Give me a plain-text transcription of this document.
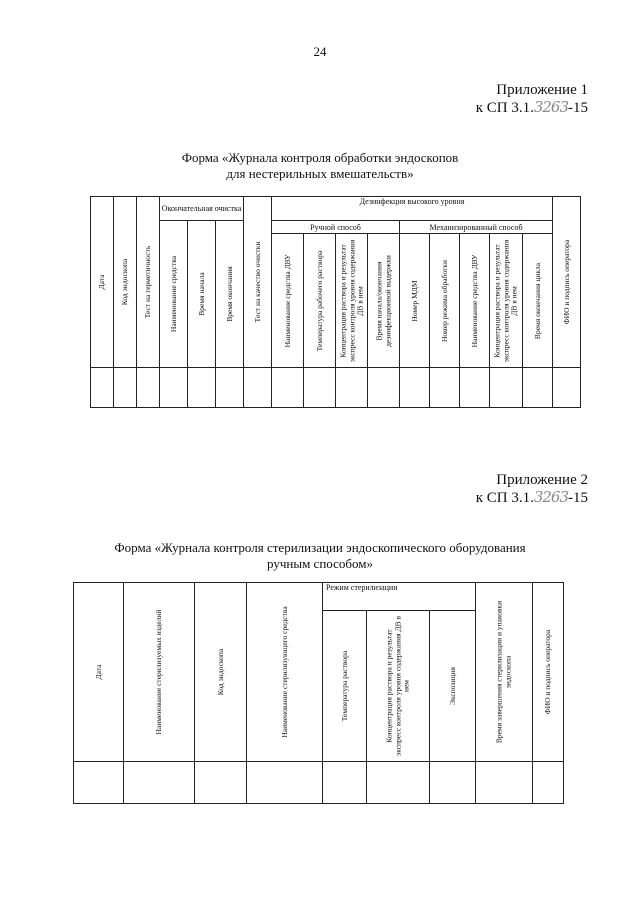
24
Приложение 1
к СП 3.1.3263-15
Форма «Журнала контроля обработки эндоскопов
для нестерильных вмешательств»
Дата	Код эндоскопа	Тест на герметичность	Окончательная очистка			Тест на качество очистки	Дезинфекция высокого уровня									ФИО и подпись оператора

			Наименование средства	Время начала	Время окончания		Ручной способ				Механизированный способ					

							Наименование средства ДВУ	Температура рабочего раствора	Концентрация раствора и результат экспресс контроля уровня содержания ДВ в нем	Время начала/окончания дезинфекционной выдержки	Номер МДМ	Номер режима обработки	Наименование средства ДВУ	Концентрация раствора и результат экспресс контроля уровня содержания ДВ в нем	Время окончания цикла	

Приложение 2
к СП 3.1.3263-15
Форма «Журнала контроля стерилизации эндоскопического оборудования
ручным способом»
Дата	Наименование стерилизуемых изделий	Код эндоскопа	Наименование стерилизующего средства	Режим стерилизации			Время завершения стерилизации и упаковки эндоскопа	ФИО и подпись оператора

				Температура раствора	Концентрация раствора и результат экспресс контроля уровня содержания ДВ в нем	Экспозиция		
